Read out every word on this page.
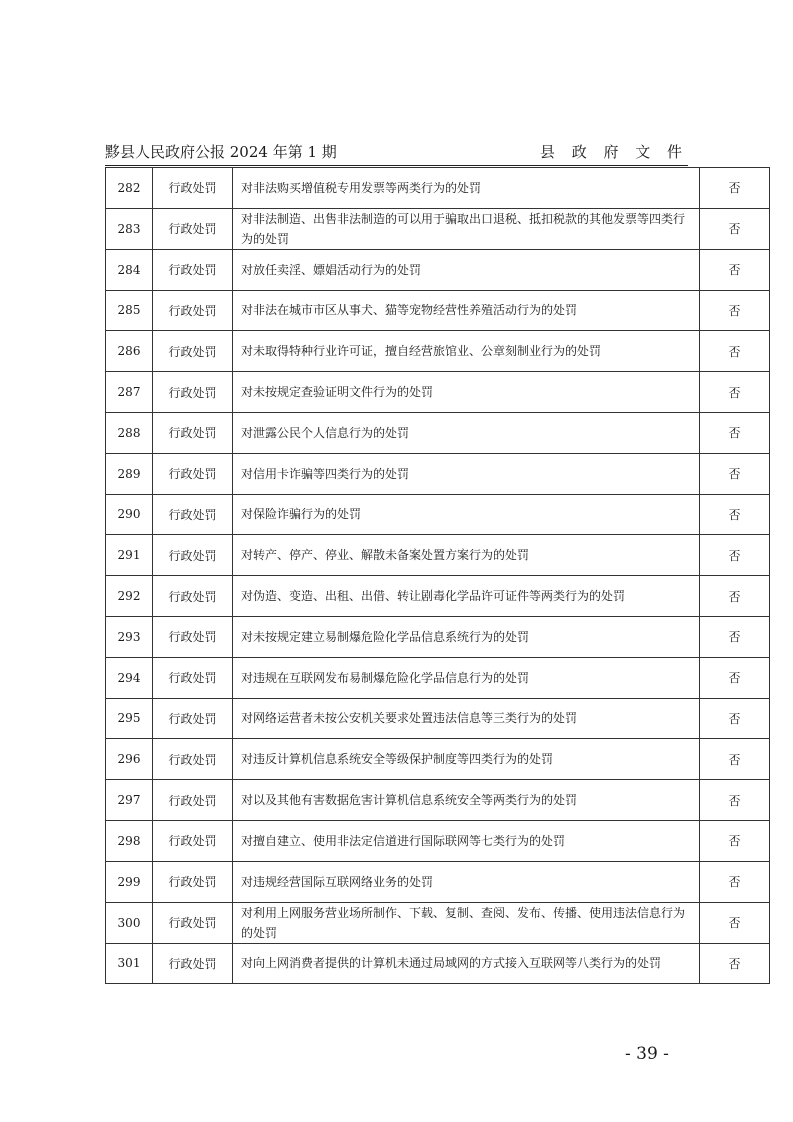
黟县人民政府公报 2024 年第 1 期	县 政 府 文 件
282	行政处罚	对非法购买增值税专用发票等两类行为的处罚	否
283	行政处罚	对非法制造、出售非法制造的可以用于骗取出口退税、抵扣税款的其他发票等四类行为的处罚	否
284	行政处罚	对放任卖淫、嫖娼活动行为的处罚	否
285	行政处罚	对非法在城市市区从事犬、猫等宠物经营性养殖活动行为的处罚	否
286	行政处罚	对未取得特种行业许可证，擅自经营旅馆业、公章刻制业行为的处罚	否
287	行政处罚	对未按规定查验证明文件行为的处罚	否
288	行政处罚	对泄露公民个人信息行为的处罚	否
289	行政处罚	对信用卡诈骗等四类行为的处罚	否
290	行政处罚	对保险诈骗行为的处罚	否
291	行政处罚	对转产、停产、停业、解散未备案处置方案行为的处罚	否
292	行政处罚	对伪造、变造、出租、出借、转让剧毒化学品许可证件等两类行为的处罚	否
293	行政处罚	对未按规定建立易制爆危险化学品信息系统行为的处罚	否
294	行政处罚	对违规在互联网发布易制爆危险化学品信息行为的处罚	否
295	行政处罚	对网络运营者未按公安机关要求处置违法信息等三类行为的处罚	否
296	行政处罚	对违反计算机信息系统安全等级保护制度等四类行为的处罚	否
297	行政处罚	对以及其他有害数据危害计算机信息系统安全等两类行为的处罚	否
298	行政处罚	对擅自建立、使用非法定信道进行国际联网等七类行为的处罚	否
299	行政处罚	对违规经营国际互联网络业务的处罚	否
300	行政处罚	对利用上网服务营业场所制作、下载、复制、查阅、发布、传播、使用违法信息行为的处罚	否
301	行政处罚	对向上网消费者提供的计算机未通过局域网的方式接入互联网等八类行为的处罚	否
- 39 -
